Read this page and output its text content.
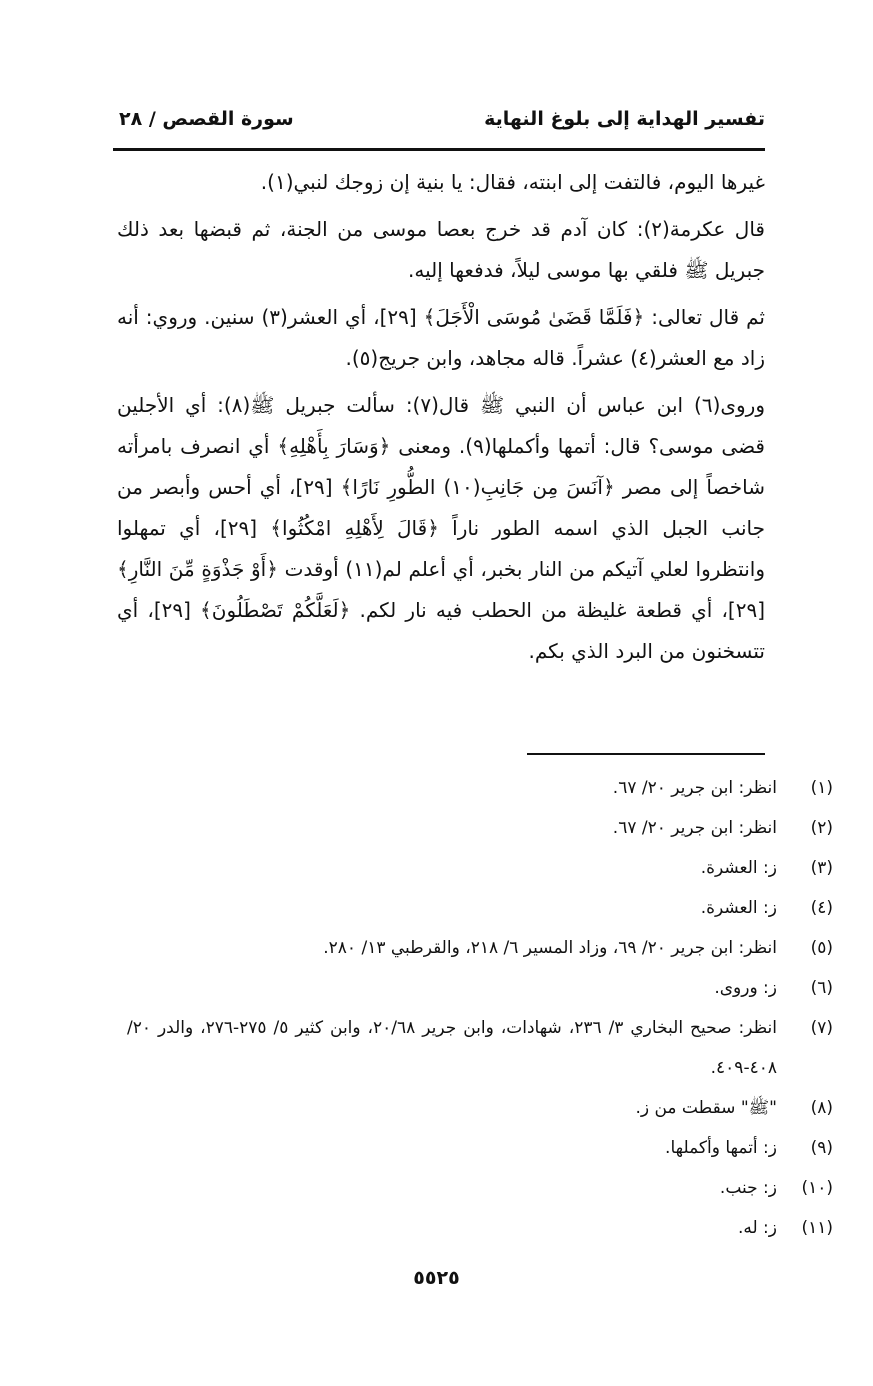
تفسير الهداية إلى بلوغ النهاية
سورة القصص / ٢٨

غيرها اليوم، فالتفت إلى ابنته، فقال: يا بنية إن زوجك لنبي(١).

قال عكرمة(٢): كان آدم قد خرج بعصا موسى من الجنة، ثم قبضها بعد ذلك جبريل ﷺ فلقي بها موسى ليلاً، فدفعها إليه.

ثم قال تعالى: ﴿فَلَمَّا قَضَىٰ مُوسَى الْأَجَلَ﴾ [٢٩]، أي العشر(٣) سنين. وروي: أنه زاد مع العشر(٤) عشراً. قاله مجاهد، وابن جريج(٥).

وروى(٦) ابن عباس أن النبي ﷺ قال(٧): سألت جبريل ﷺ(٨): أي الأجلين قضى موسى؟ قال: أتمها وأكملها(٩). ومعنى ﴿وَسَارَ بِأَهْلِهِ﴾ أي انصرف بامرأته شاخصاً إلى مصر ﴿آنَسَ مِن جَانِبِ(١٠) الطُّورِ نَارًا﴾ [٢٩]، أي أحس وأبصر من جانب الجبل الذي اسمه الطور ناراً ﴿قَالَ لِأَهْلِهِ امْكُثُوا﴾ [٢٩]، أي تمهلوا وانتظروا لعلي آتيكم من النار بخبر، أي أعلم لم(١١) أوقدت ﴿أَوْ جَذْوَةٍ مِّنَ النَّارِ﴾ [٢٩]، أي قطعة غليظة من الحطب فيه نار لكم. ﴿لَعَلَّكُمْ تَصْطَلُونَ﴾ [٢٩]، أي تتسخنون من البرد الذي بكم.

(١)
انظر: ابن جرير ٢٠/ ٦٧.
(٢)
انظر: ابن جرير ٢٠/ ٦٧.
(٣)
ز: العشرة.
(٤)
ز: العشرة.
(٥)
انظر: ابن جرير ٢٠/ ٦٩، وزاد المسير ٦/ ٢١٨، والقرطبي ١٣/ ٢٨٠.
(٦)
ز: وروى.
(٧)
انظر: صحيح البخاري ٣/ ٢٣٦، شهادات، وابن جرير ٢٠/٦٨، وابن كثير ٥/ ٢٧٥-٢٧٦، والدر ٢٠/ ٤٠٨-٤٠٩.
(٨)
"ﷺ" سقطت من ز.
(٩)
ز: أتمها وأكملها.
(١٠)
ز: جنب.
(١١)
ز: له.
٥٥٢٥
